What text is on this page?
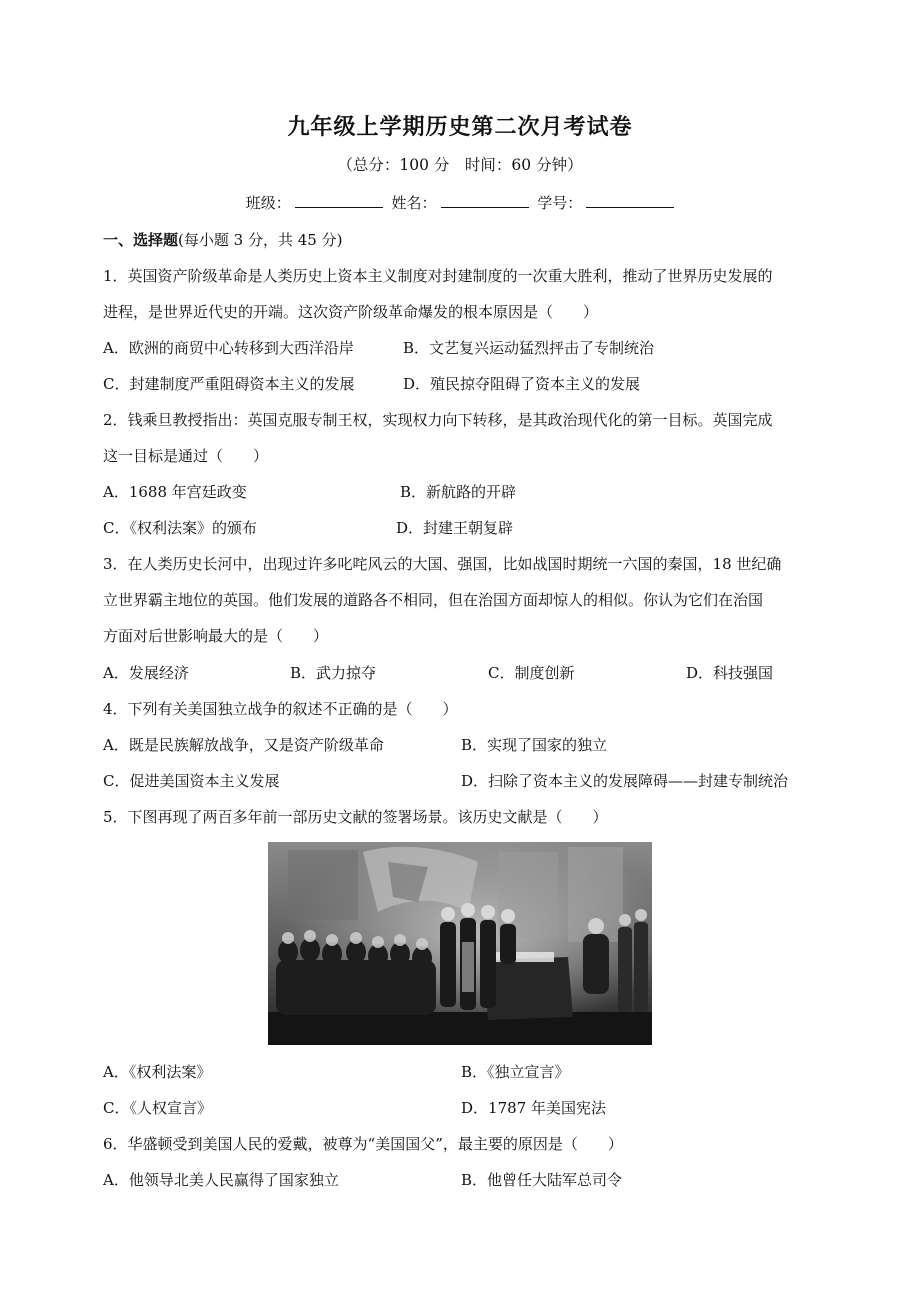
九年级上学期历史第二次月考试卷
（总分：100 分　时间：60 分钟）
班级：	姓名：	学号：
一、选择题(每小题 3 分，共 45 分)
1．英国资产阶级革命是人类历史上资本主义制度对封建制度的一次重大胜利，推动了世界历史发展的
进程，是世界近代史的开端。这次资产阶级革命爆发的根本原因是（　　）
A．欧洲的商贸中心转移到大西洋沿岸	B．文艺复兴运动猛烈抨击了专制统治
C．封建制度严重阻碍资本主义的发展	D．殖民掠夺阻碍了资本主义的发展
2．钱乘旦教授指出：英国克服专制王权，实现权力向下转移，是其政治现代化的第一目标。英国完成
这一目标是通过（　　）
A．1688 年宫廷政变	B．新航路的开辟
C．《权利法案》的颁布	D．封建王朝复辟
3．在人类历史长河中，出现过许多叱咤风云的大国、强国，比如战国时期统一六国的秦国，18 世纪确
立世界霸主地位的英国。他们发展的道路各不相同，但在治国方面却惊人的相似。你认为它们在治国
方面对后世影响最大的是（　　）
A．发展经济	B．武力掠夺	C．制度创新	D．科技强国
4．下列有关美国独立战争的叙述不正确的是（　　）
A．既是民族解放战争，又是资产阶级革命	B．实现了国家的独立
C．促进美国资本主义发展	D．扫除了资本主义的发展障碍——封建专制统治
5．下图再现了两百多年前一部历史文献的签署场景。该历史文献是（　　）
A．《权利法案》	B．《独立宣言》
C．《人权宣言》	D．1787 年美国宪法
6．华盛顿受到美国人民的爱戴，被尊为“美国国父”，最主要的原因是（　　）
A．他领导北美人民赢得了国家独立	B．他曾任大陆军总司令
